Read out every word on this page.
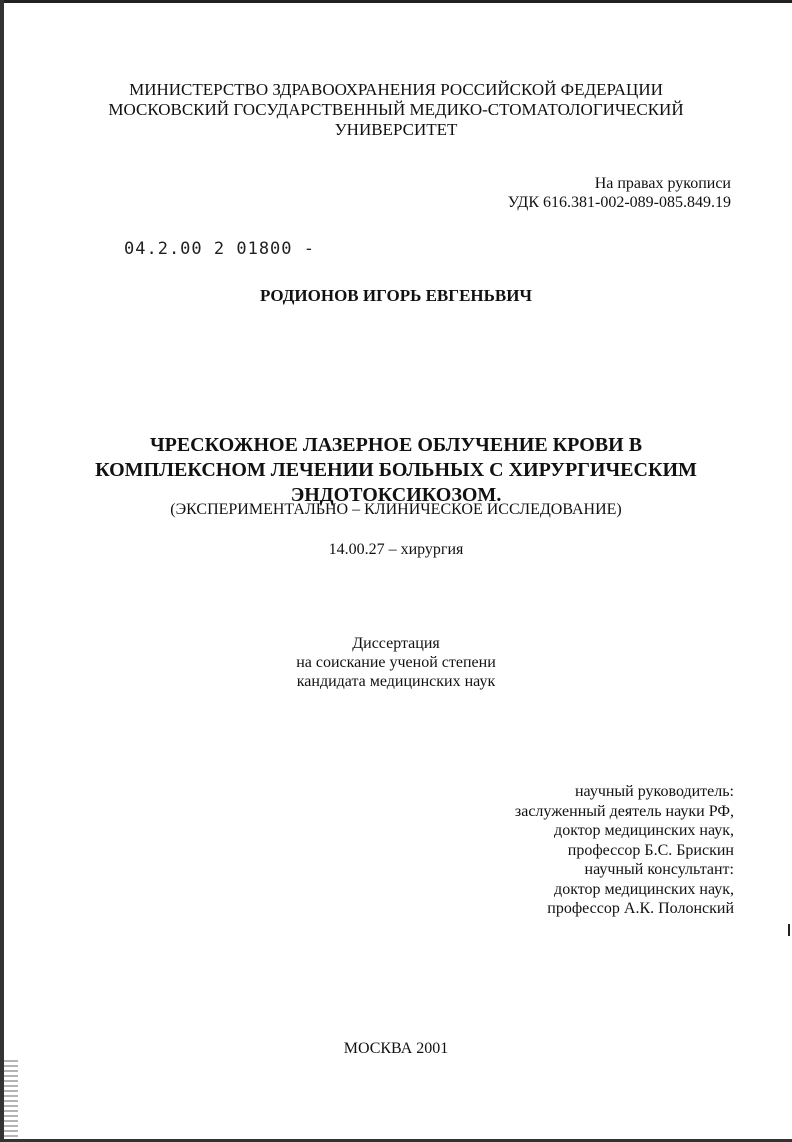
МИНИСТЕРСТВО ЗДРАВООХРАНЕНИЯ РОССИЙСКОЙ ФЕДЕРАЦИИ
МОСКОВСКИЙ ГОСУДАРСТВЕННЫЙ МЕДИКО-СТОМАТОЛОГИЧЕСКИЙ
УНИВЕРСИТЕТ
На правах рукописи
УДК 616.381-002-089-085.849.19
04.2.00 2 01800 -
РОДИОНОВ ИГОРЬ ЕВГЕНЬВИЧ
ЧРЕСКОЖНОЕ ЛАЗЕРНОЕ ОБЛУЧЕНИЕ КРОВИ В
КОМПЛЕКСНОМ ЛЕЧЕНИИ БОЛЬНЫХ С ХИРУРГИЧЕСКИМ
ЭНДОТОКСИКОЗОМ.
(ЭКСПЕРИМЕНТАЛЬНО – КЛИНИЧЕСКОЕ ИССЛЕДОВАНИЕ)
14.00.27 – хирургия
Диссертация
на соискание ученой степени
кандидата медицинских наук
научный руководитель:
заслуженный деятель науки РФ,
доктор медицинских наук,
профессор Б.С. Брискин
научный консультант:
доктор медицинских наук,
профессор А.К. Полонский
МОСКВА 2001
